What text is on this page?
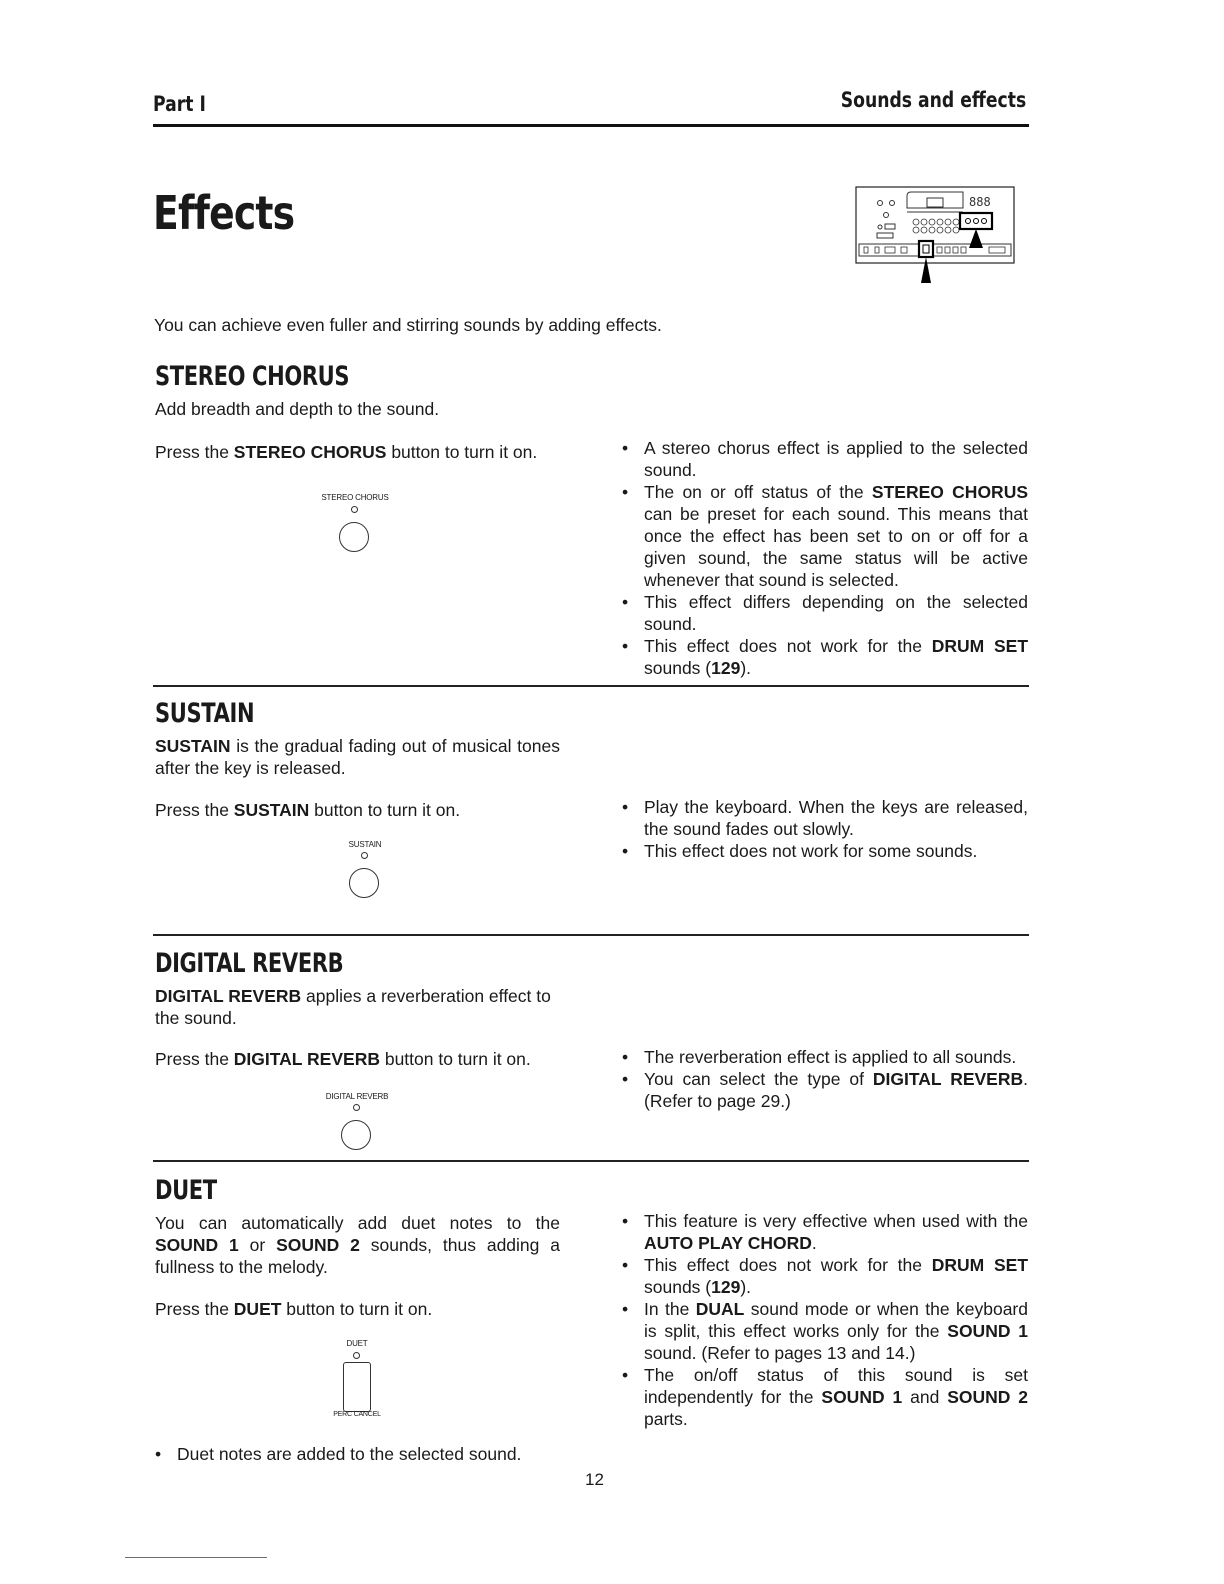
Part I	Sounds and effects
Effects	888
You can achieve even fuller and stirring sounds by adding effects.
STEREO CHORUS
Add breadth and depth to the sound.
Press the STEREO CHORUS button to turn it on.
STEREO CHORUS
• A stereo chorus effect is applied to the selected sound.
• The on or off status of the STEREO CHORUS can be preset for each sound. This means that once the effect has been set to on or off for a given sound, the same status will be active whenever that sound is selected.
• This effect differs depending on the selected sound.
• This effect does not work for the DRUM SET sounds (129).
SUSTAIN
SUSTAIN is the gradual fading out of musical tones after the key is released.
Press the SUSTAIN button to turn it on.
SUSTAIN
• Play the keyboard. When the keys are released, the sound fades out slowly.
• This effect does not work for some sounds.
DIGITAL REVERB
DIGITAL REVERB applies a reverberation effect to the sound.
Press the DIGITAL REVERB button to turn it on.
DIGITAL REVERB
• The reverberation effect is applied to all sounds.
• You can select the type of DIGITAL REVERB. (Refer to page 29.)
DUET
You can automatically add duet notes to the SOUND 1 or SOUND 2 sounds, thus adding a fullness to the melody.
Press the DUET button to turn it on.
DUET
PERC CANCEL
• Duet notes are added to the selected sound.
• This feature is very effective when used with the AUTO PLAY CHORD.
• This effect does not work for the DRUM SET sounds (129).
• In the DUAL sound mode or when the keyboard is split, this effect works only for the SOUND 1 sound. (Refer to pages 13 and 14.)
• The on/off status of this sound is set independently for the SOUND 1 and SOUND 2 parts.
12
